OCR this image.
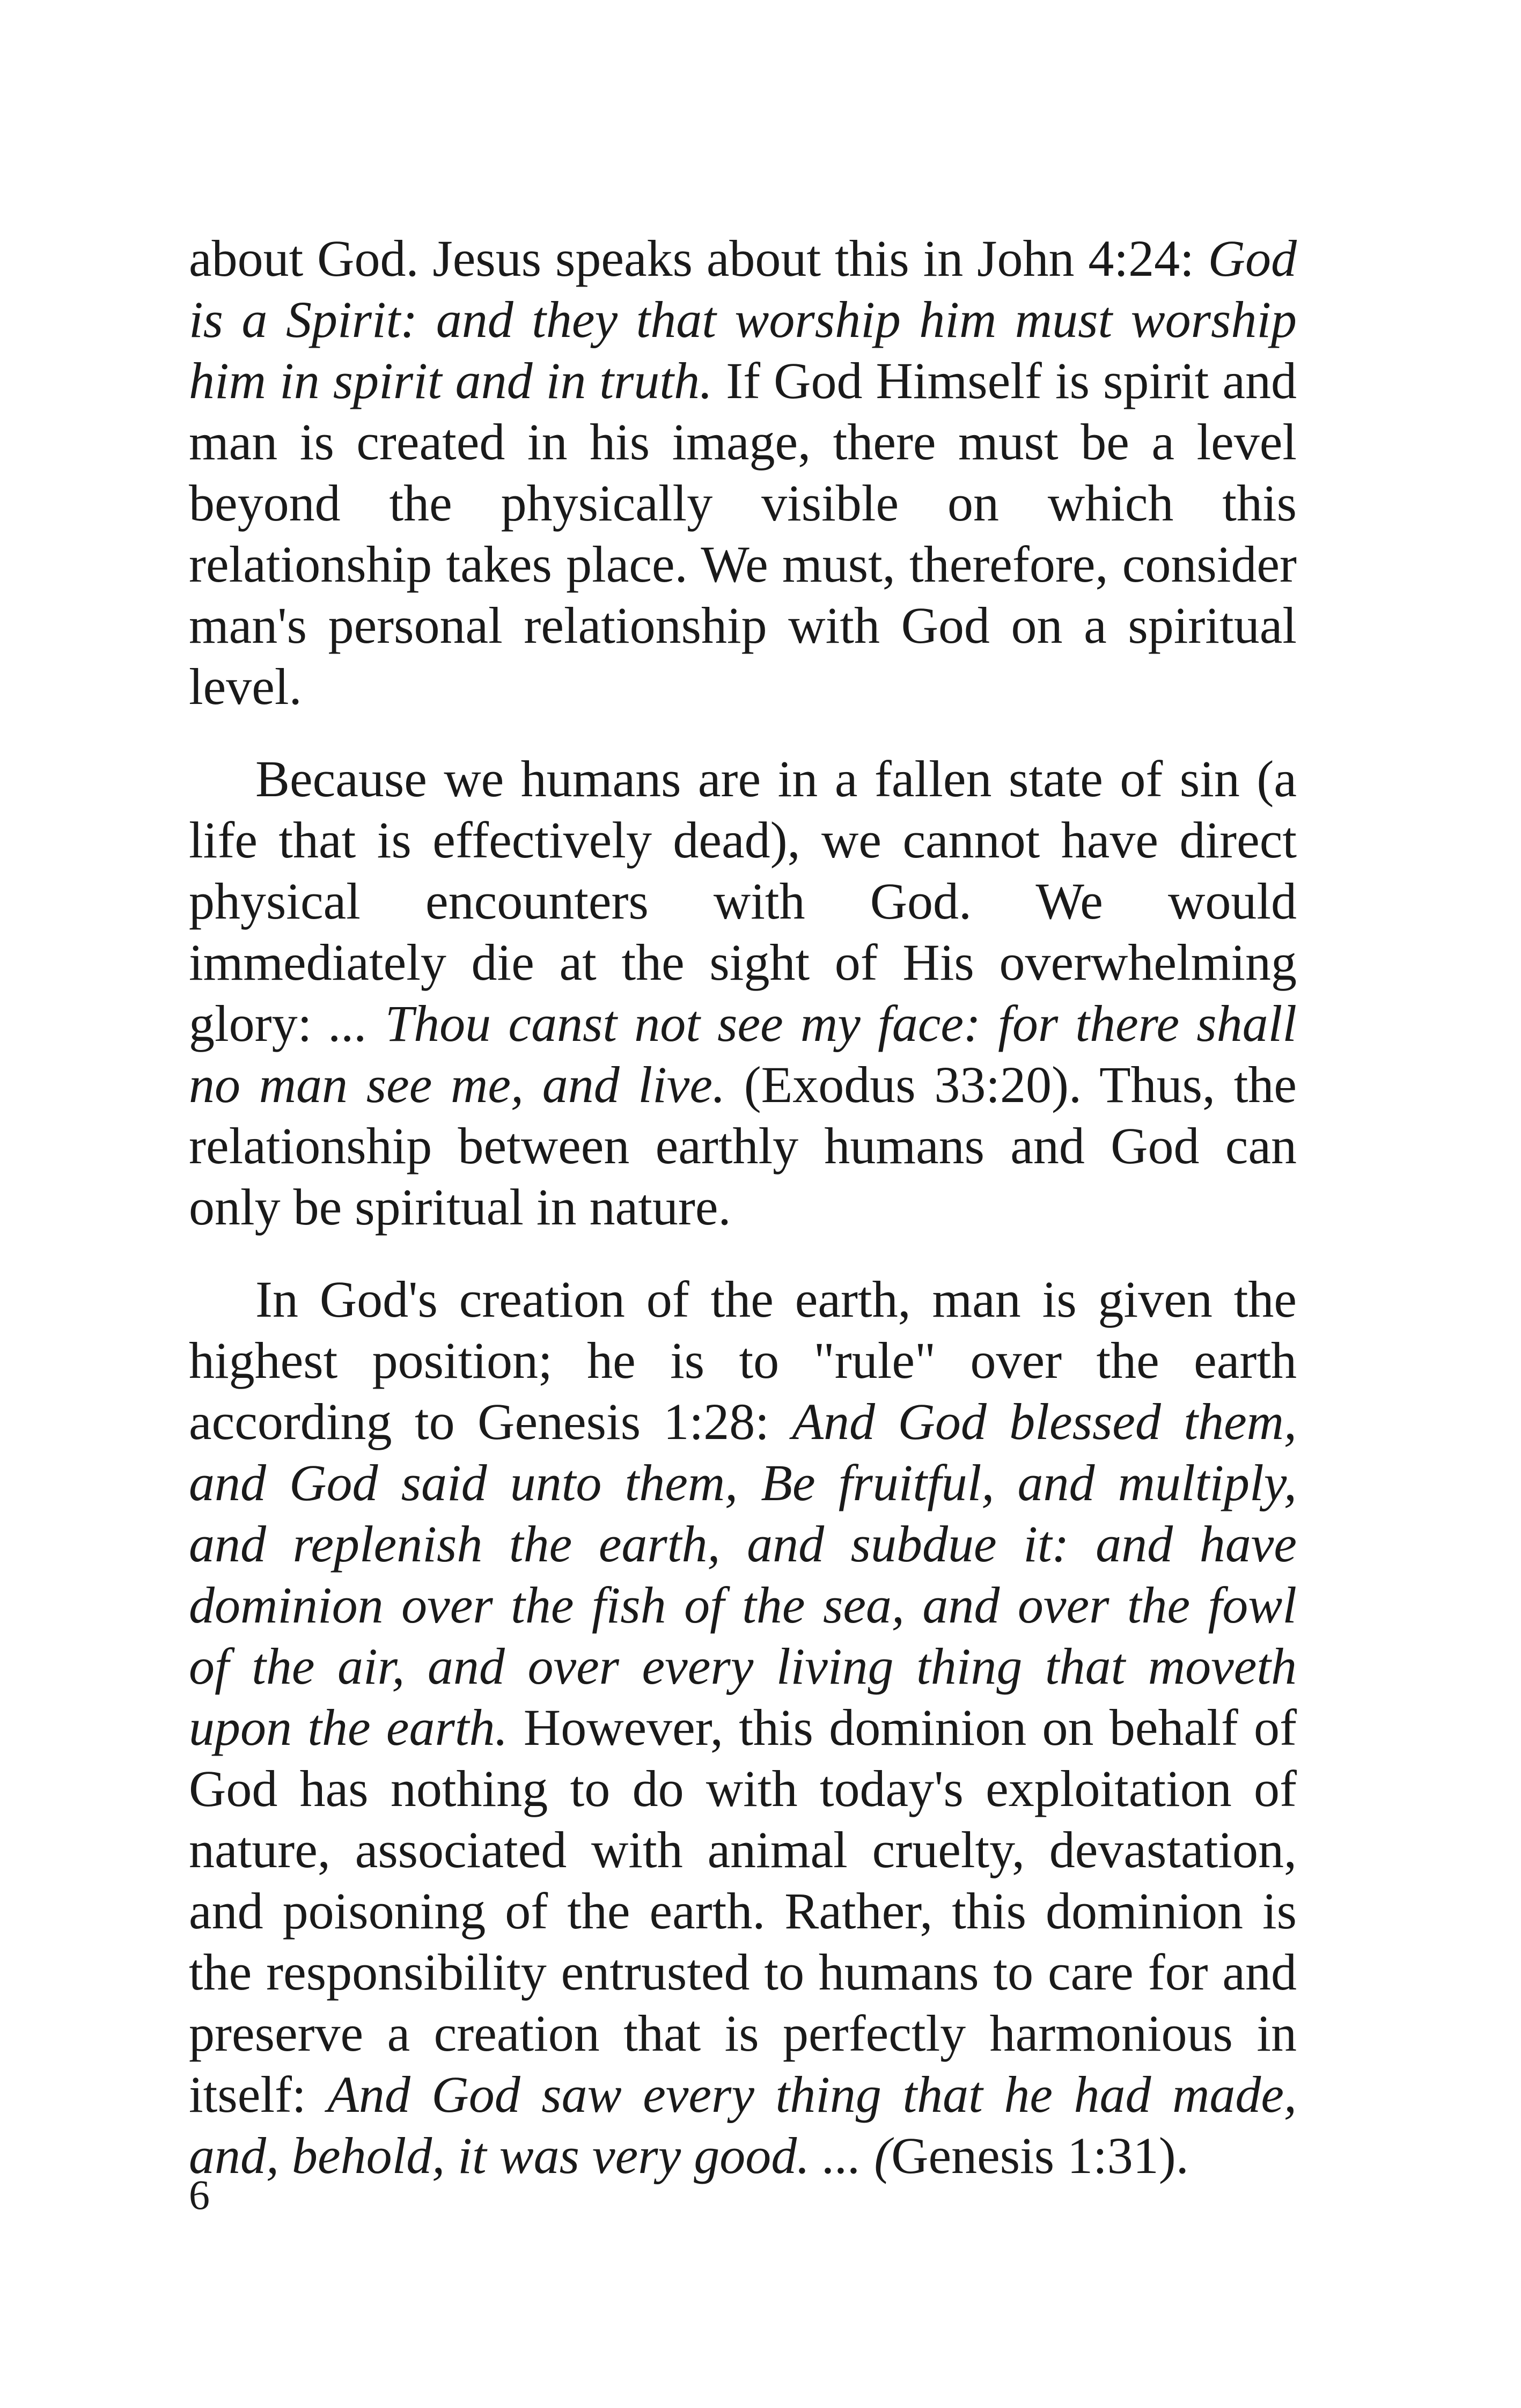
about God. Jesus speaks about this in John 4:24: God is a Spirit: and they that worship him must worship him in spirit and in truth. If God Himself is spirit and man is created in his image, there must be a level beyond the physically visible on which this relationship takes place. We must, therefore, consider man's personal relationship with God on a spiritual level.

Because we humans are in a fallen state of sin (a life that is effectively dead), we cannot have direct physical encounters with God. We would immediately die at the sight of His overwhelming glory: ... Thou canst not see my face: for there shall no man see me, and live. (Exodus 33:20). Thus, the relationship between earthly humans and God can only be spiritual in nature.

In God's creation of the earth, man is given the highest position; he is to "rule" over the earth according to Genesis 1:28: And God blessed them, and God said unto them, Be fruitful, and multiply, and replenish the earth, and subdue it: and have dominion over the fish of the sea, and over the fowl of the air, and over every living thing that moveth upon the earth. However, this dominion on behalf of God has nothing to do with today's exploitation of nature, associated with animal cruelty, devastation, and poisoning of the earth. Rather, this dominion is the responsibility entrusted to humans to care for and preserve a creation that is perfectly harmonious in itself: And God saw every thing that he had made, and, behold, it was very good. ... (Genesis 1:31).

6
